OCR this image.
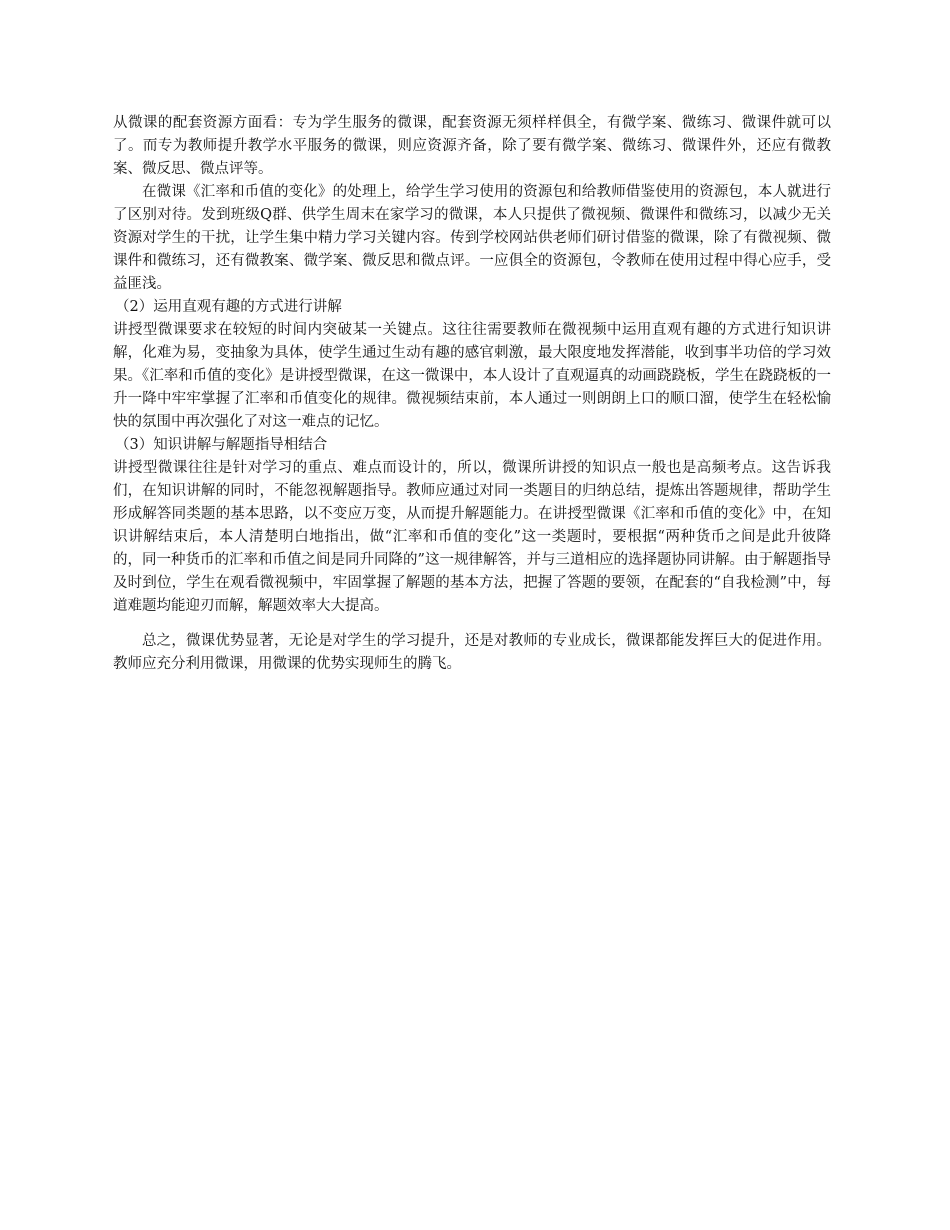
从微课的配套资源方面看：专为学生服务的微课，配套资源无须样样俱全，有微学案、微练习、微课件就可以了。而专为教师提升教学水平服务的微课，则应资源齐备，除了要有微学案、微练习、微课件外，还应有微教案、微反思、微点评等。

在微课《汇率和币值的变化》的处理上，给学生学习使用的资源包和给教师借鉴使用的资源包，本人就进行了区别对待。发到班级Q群、供学生周末在家学习的微课，本人只提供了微视频、微课件和微练习，以减少无关资源对学生的干扰，让学生集中精力学习关键内容。传到学校网站供老师们研讨借鉴的微课，除了有微视频、微课件和微练习，还有微教案、微学案、微反思和微点评。一应俱全的资源包，令教师在使用过程中得心应手，受益匪浅。

（2）运用直观有趣的方式进行讲解

讲授型微课要求在较短的时间内突破某一关键点。这往往需要教师在微视频中运用直观有趣的方式进行知识讲解，化难为易，变抽象为具体，使学生通过生动有趣的感官刺激，最大限度地发挥潜能，收到事半功倍的学习效果。《汇率和币值的变化》是讲授型微课，在这一微课中，本人设计了直观逼真的动画跷跷板，学生在跷跷板的一升一降中牢牢掌握了汇率和币值变化的规律。微视频结束前，本人通过一则朗朗上口的顺口溜，使学生在轻松愉快的氛围中再次强化了对这一难点的记忆。

（3）知识讲解与解题指导相结合

讲授型微课往往是针对学习的重点、难点而设计的，所以，微课所讲授的知识点一般也是高频考点。这告诉我们，在知识讲解的同时，不能忽视解题指导。教师应通过对同一类题目的归纳总结，提炼出答题规律，帮助学生形成解答同类题的基本思路，以不变应万变，从而提升解题能力。在讲授型微课《汇率和币值的变化》中，在知识讲解结束后，本人清楚明白地指出，做“汇率和币值的变化”这一类题时，要根据“两种货币之间是此升彼降的，同一种货币的汇率和币值之间是同升同降的”这一规律解答，并与三道相应的选择题协同讲解。由于解题指导及时到位，学生在观看微视频中，牢固掌握了解题的基本方法，把握了答题的要领，在配套的“自我检测”中，每道难题均能迎刃而解，解题效率大大提高。

总之，微课优势显著，无论是对学生的学习提升，还是对教师的专业成长，微课都能发挥巨大的促进作用。教师应充分利用微课，用微课的优势实现师生的腾飞。
